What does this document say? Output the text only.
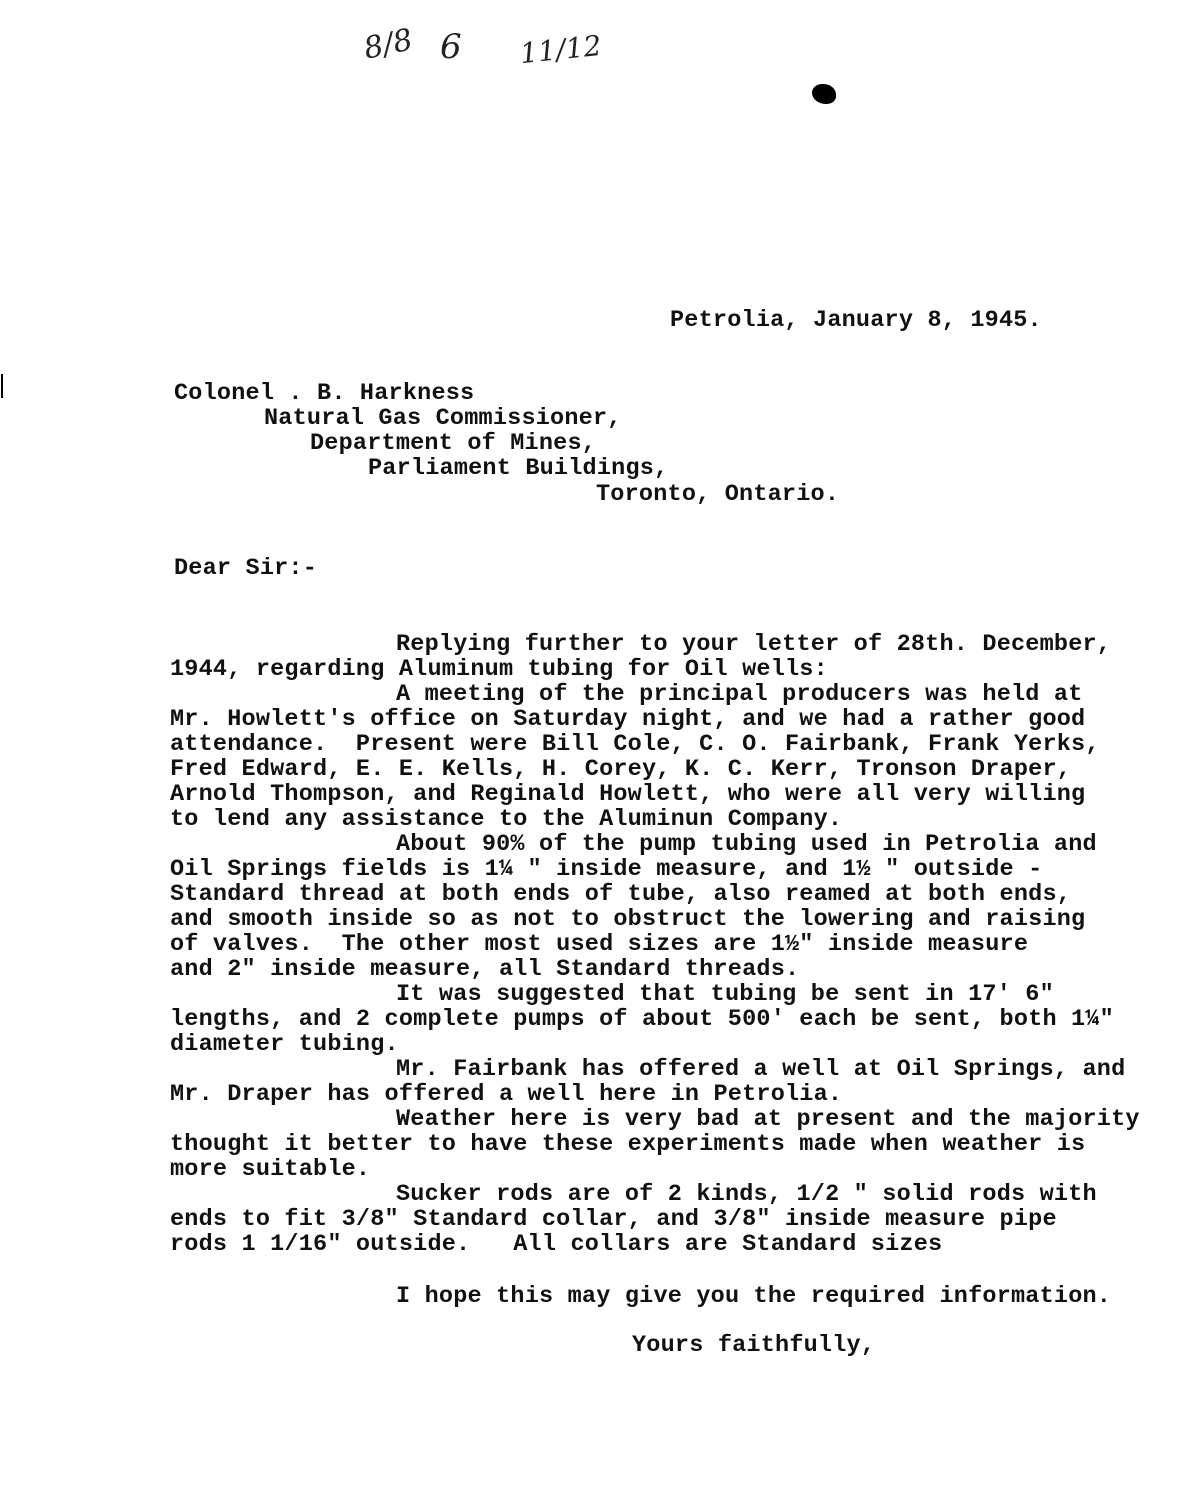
8/8 6 11/12
Petrolia, January 8, 1945.
Colonel . B. Harkness
Natural Gas Commissioner,
Department of Mines,
Parliament Buildings,
Toronto, Ontario.
Dear Sir:-
Replying further to your letter of 28th. December,
1944, regarding Aluminum tubing for Oil wells:
A meeting of the principal producers was held at
Mr. Howlett's office on Saturday night, and we had a rather good
attendance.  Present were Bill Cole, C. O. Fairbank, Frank Yerks,
Fred Edward, E. E. Kells, H. Corey, K. C. Kerr, Tronson Draper,
Arnold Thompson, and Reginald Howlett, who were all very willing
to lend any assistance to the Aluminun Company.
About 90% of the pump tubing used in Petrolia and
Oil Springs fields is 1¼ " inside measure, and 1½ " outside -
Standard thread at both ends of tube, also reamed at both ends,
and smooth inside so as not to obstruct the lowering and raising
of valves.  The other most used sizes are 1½" inside measure
and 2" inside measure, all Standard threads.
It was suggested that tubing be sent in 17' 6"
lengths, and 2 complete pumps of about 500' each be sent, both 1¼"
diameter tubing.
Mr. Fairbank has offered a well at Oil Springs, and
Mr. Draper has offered a well here in Petrolia.
Weather here is very bad at present and the majority
thought it better to have these experiments made when weather is
more suitable.
Sucker rods are of 2 kinds, 1/2 " solid rods with
ends to fit 3/8" Standard collar, and 3/8" inside measure pipe
rods 1 1/16" outside.   All collars are Standard sizes
I hope this may give you the required information.
Yours faithfully,
